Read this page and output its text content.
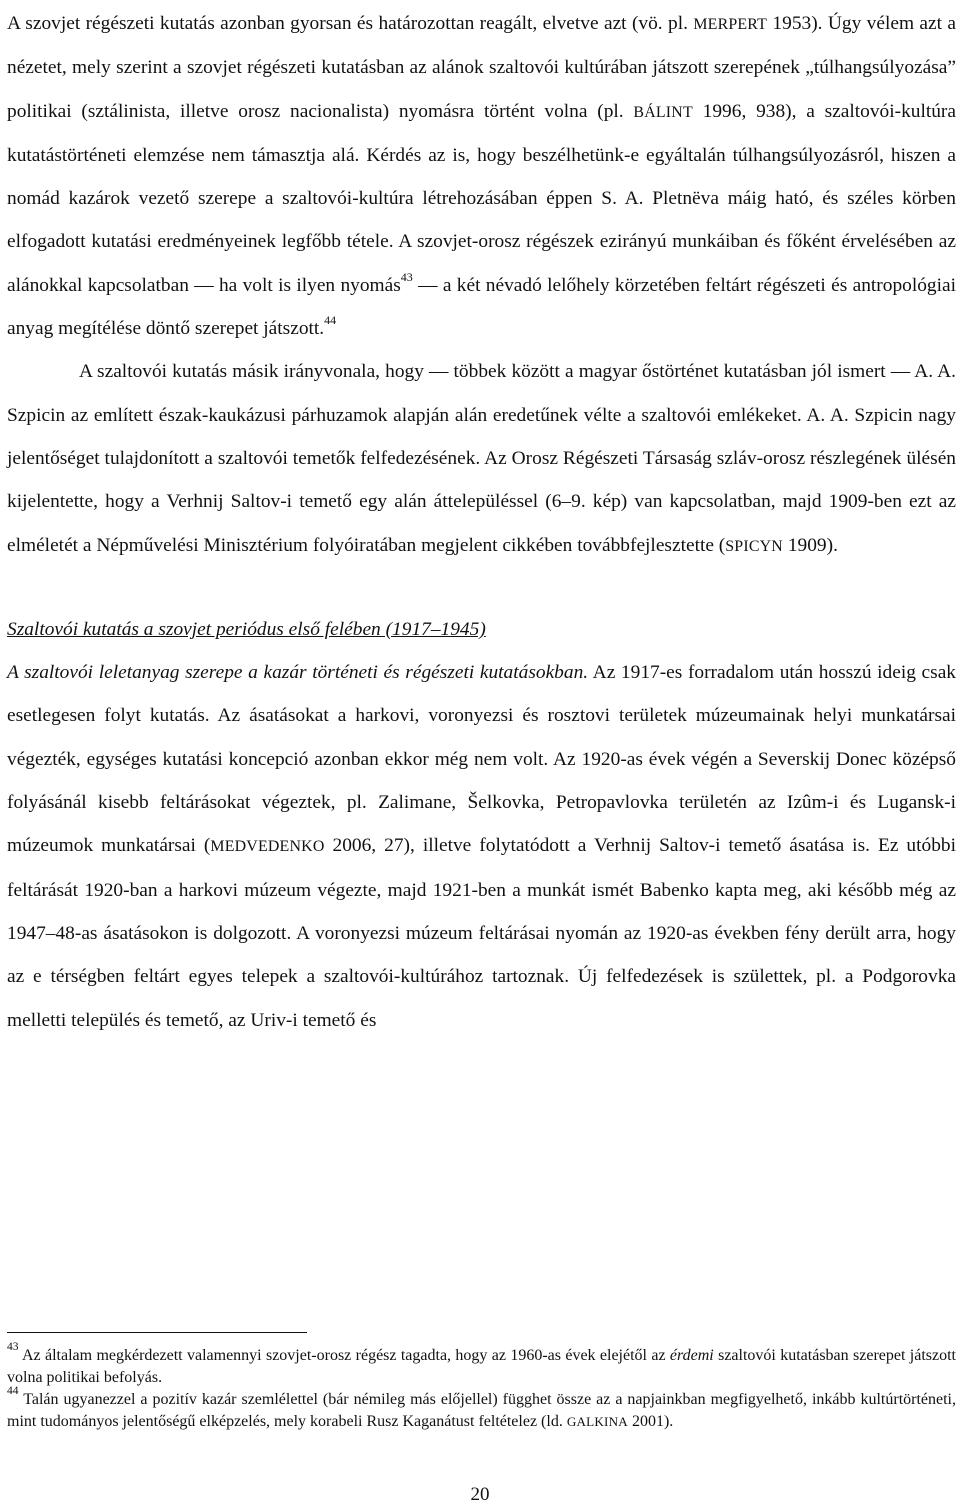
A szovjet régészeti kutatás azonban gyorsan és határozottan reagált, elvetve azt (vö. pl. MERPERT 1953). Úgy vélem azt a nézetet, mely szerint a szovjet régészeti kutatásban az alánok szaltovói kultúrában játszott szerepének „túlhangsúlyozása” politikai (sztálinista, illetve orosz nacionalista) nyomásra történt volna (pl. BÁLINT 1996, 938), a szaltovói-kultúra kutatástörténeti elemzése nem támasztja alá. Kérdés az is, hogy beszélhetünk-e egyáltalán túlhangsúlyozásról, hiszen a nomád kazárok vezető szerepe a szaltovói-kultúra létrehozásában éppen S. A. Pletnëva máig ható, és széles körben elfogadott kutatási eredményeinek legfőbb tétele. A szovjet-orosz régészek ezirányú munkáiban és főként érvelésében az alánokkal kapcsolatban — ha volt is ilyen nyomás$^{43}$ — a két névadó lelőhely körzetében feltárt régészeti és antropológiai anyag megítélése döntő szerepet játszott.$^{44}$

A szaltovói kutatás másik irányvonala, hogy — többek között a magyar őstörténet kutatásban jól ismert — A. A. Szpicin az említett észak-kaukázusi párhuzamok alapján alán eredetűnek vélte a szaltovói emlékeket. A. A. Szpicin nagy jelentőséget tulajdonított a szaltovói temetők felfedezésének. Az Orosz Régészeti Társaság szláv-orosz részlegének ülésén kijelentette, hogy a Verhnij Saltov-i temető egy alán áttelepüléssel (6–9. kép) van kapcsolatban, majd 1909-ben ezt az elméletét a Népművelési Minisztérium folyóiratában megjelent cikkében továbbfejlesztette (SPICYN 1909).

Szaltovói kutatás a szovjet periódus első felében (1917–1945)

A szaltovói leletanyag szerepe a kazár történeti és régészeti kutatásokban. Az 1917-es forradalom után hosszú ideig csak esetlegesen folyt kutatás. Az ásatásokat a harkovi, voronyezsi és rosztovi területek múzeumainak helyi munkatársai végezték, egységes kutatási koncepció azonban ekkor még nem volt. Az 1920-as évek végén a Severskij Donec középső folyásánál kisebb feltárásokat végeztek, pl. Zalimane, Šelkovka, Petropavlovka területén az Izûm-i és Lugansk-i múzeumok munkatársai (MEDVEDENKO 2006, 27), illetve folytatódott a Verhnij Saltov-i temető ásatása is. Ez utóbbi feltárását 1920-ban a harkovi múzeum végezte, majd 1921-ben a munkát ismét Babenko kapta meg, aki később még az 1947–48-as ásatásokon is dolgozott. A voronyezsi múzeum feltárásai nyomán az 1920-as években fény derült arra, hogy az e térségben feltárt egyes telepek a szaltovói-kultúrához tartoznak. Új felfedezések is születtek, pl. a Podgorovka melletti település és temető, az Uriv-i temető és

$^{43}$ Az általam megkérdezett valamennyi szovjet-orosz régész tagadta, hogy az 1960-as évek elejétől az érdemi szaltovói kutatásban szerepet játszott volna politikai befolyás.

$^{44}$ Talán ugyanezzel a pozitív kazár szemlélettel (bár némileg más előjellel) függhet össze az a napjainkban megfigyelhető, inkább kultúrtörténeti, mint tudományos jelentőségű elképzelés, mely korabeli Rusz Kaganátust feltételez (ld. GALKINA 2001).

20
